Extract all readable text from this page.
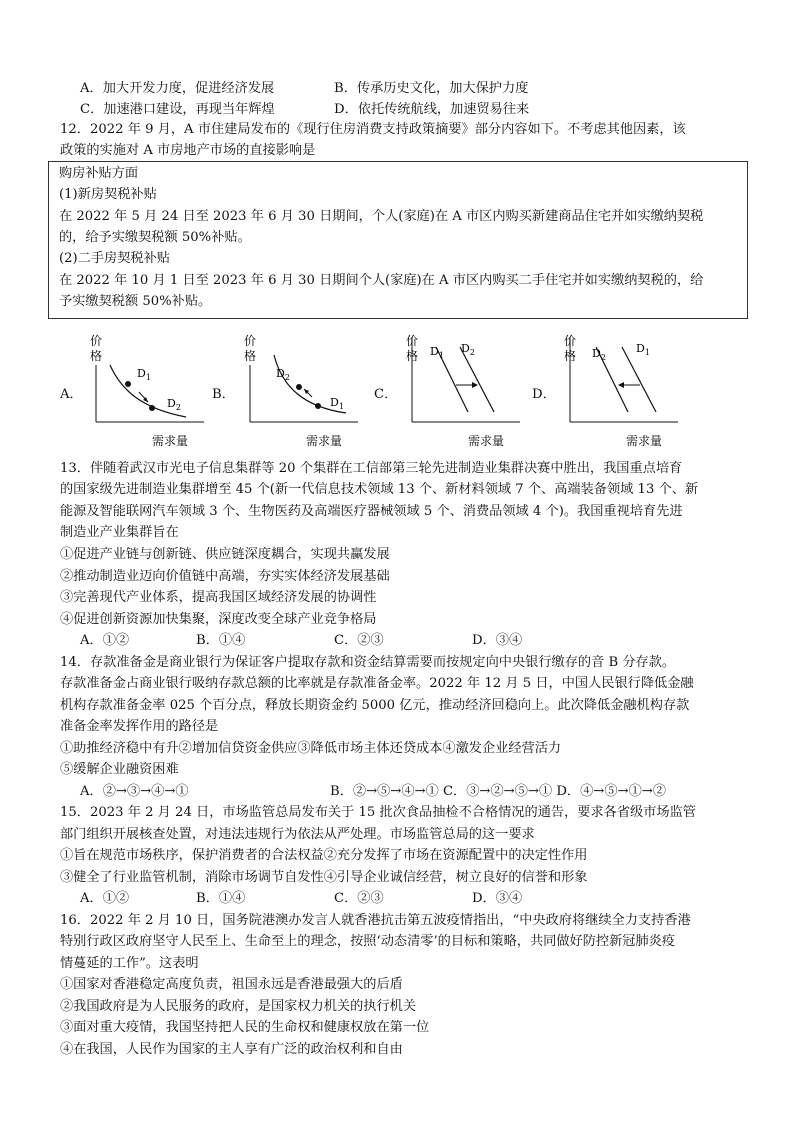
A．加大开发力度，促进经济发展	B．传承历史文化，加大保护力度
C．加速港口建设，再现当年辉煌	D．依托传统航线，加速贸易往来
12．2022 年 9 月，A 市住建局发布的《现行住房消费支持政策摘要》部分内容如下。不考虑其他因素，该
政策的实施对 A 市房地产市场的直接影响是
购房补贴方面
(1)新房契税补贴
在 2022 年 5 月 24 日至 2023 年 6 月 30 日期间，个人(家庭)在 A 市区内购买新建商品住宅并如实缴纳契税
的，给予实缴契税额 50%补贴。
(2)二手房契税补贴
在 2022 年 10 月 1 日至 2023 年 6 月 30 日期间个人(家庭)在 A 市区内购买二手住宅并如实缴纳契税的，给
予实缴契税额 50%补贴。
A．
价
格
$D_1$
$D_2$
需求量
B．
价
格
$D_2$
$D_1$
需求量
C．
价
格 $D_1$
$D_2$
需求量
D．
价
格 $D_2$
$D_1$
需求量
13．伴随着武汉市光电子信息集群等 20 个集群在工信部第三轮先进制造业集群决赛中胜出，我国重点培育
的国家级先进制造业集群增至 45 个(新一代信息技术领域 13 个、新材料领域 7 个、高端装备领域 13 个、新
能源及智能联网汽车领域 3 个、生物医药及高端医疗器械领域 5 个、消费品领域 4 个)。我国重视培育先进
制造业产业集群旨在
①促进产业链与创新链、供应链深度耦合，实现共赢发展
②推动制造业迈向价值链中高端，夯实实体经济发展基础
③完善现代产业体系，提高我国区域经济发展的协调性
④促进创新资源加快集聚，深度改变全球产业竞争格局
A．①②	B．①④	C．②③	D．③④
14．存款准备金是商业银行为保证客户提取存款和资金结算需要而按规定向中央银行缴存的音 B 分存款。
存款准备金占商业银行吸纳存款总额的比率就是存款准备金率。2022 年 12 月 5 日，中国人民银行降低金融
机构存款准备金率 025 个百分点，释放长期资金约 5000 亿元，推动经济回稳向上。此次降低金融机构存款
准备金率发挥作用的路径是
①助推经济稳中有升②增加信贷资金供应③降低市场主体还贷成本④激发企业经营活力
⑤缓解企业融资困难
A．②→③→④→①	B．②→⑤→④→① C．③→②→⑤→① D．④→⑤→①→②
15．2023 年 2 月 24 日，市场监管总局发布关于 15 批次食品抽检不合格情况的通告，要求各省级市场监管
部门组织开展核查处置，对违法违规行为依法从严处理。市场监管总局的这一要求
①旨在规范市场秩序，保护消费者的合法权益②充分发挥了市场在资源配置中的决定性作用
③健全了行业监管机制，消除市场调节自发性④引导企业诚信经营，树立良好的信誉和形象
A．①②	B．①④	C．②③	D．③④
16．2022 年 2 月 10 日，国务院港澳办发言人就香港抗击第五波疫情指出，“中央政府将继续全力支持香港
特别行政区政府坚守人民至上、生命至上的理念，按照‘动态清零’的目标和策略，共同做好防控新冠肺炎疫
情蔓延的工作”。这表明
①国家对香港稳定高度负责，祖国永远是香港最强大的后盾
②我国政府是为人民服务的政府，是国家权力机关的执行机关
③面对重大疫情，我国坚持把人民的生命权和健康权放在第一位
④在我国，人民作为国家的主人享有广泛的政治权利和自由
